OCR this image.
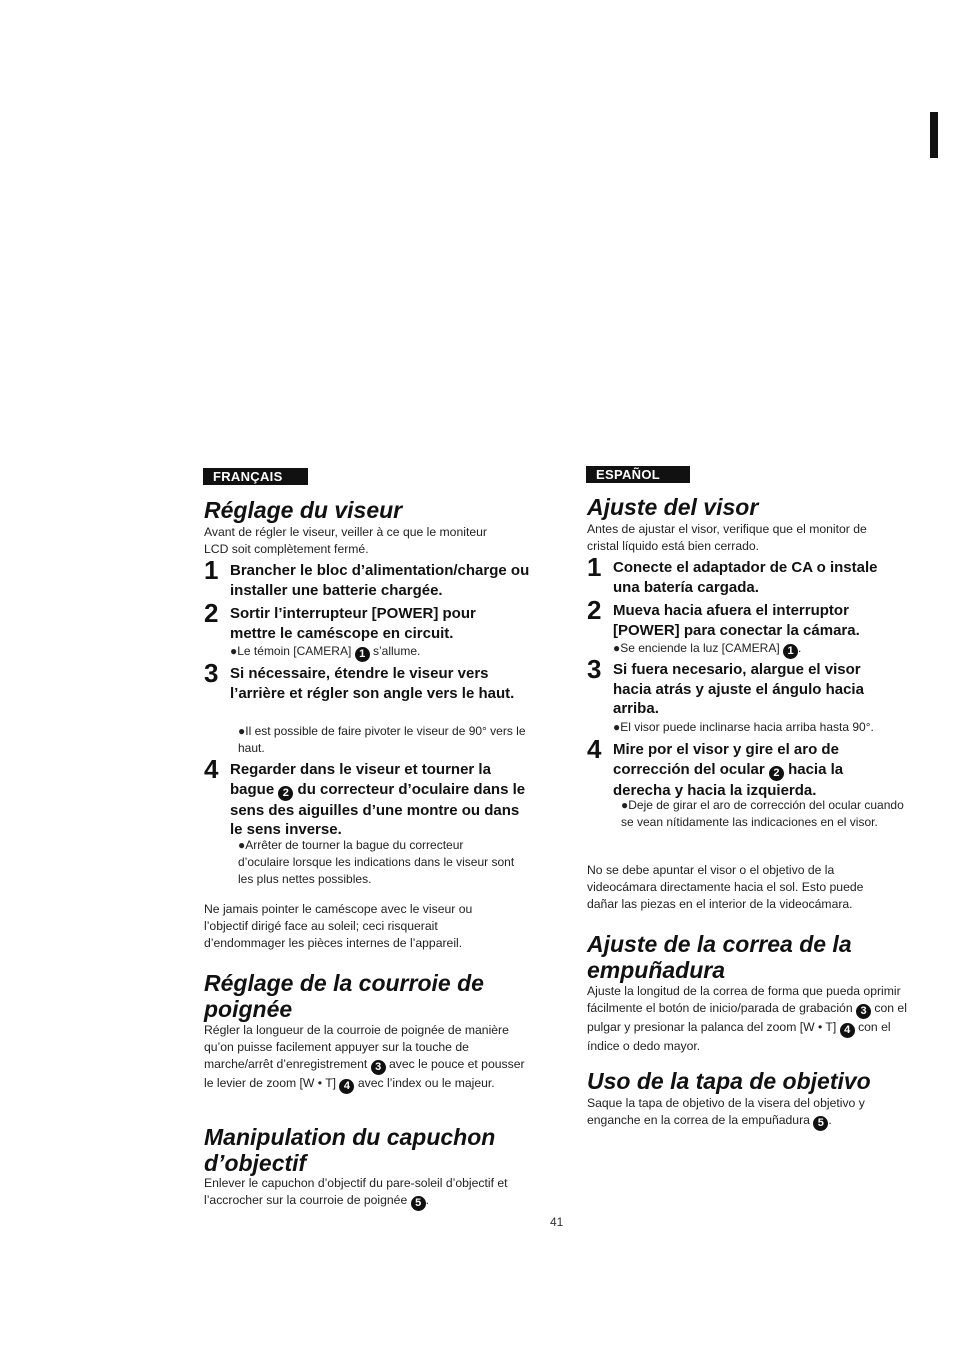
FRANÇAIS
Réglage du viseur

Avant de régler le viseur, veiller à ce que le moniteur LCD soit complètement fermé.

1 Brancher le bloc d’alimentation/charge ou installer une batterie chargée.

2 Sortir l’interrupteur [POWER] pour mettre le caméscope en circuit.

●Le témoin [CAMERA] 1 s’allume.

3 Si nécessaire, étendre le viseur vers l’arrière et régler son angle vers le haut.

●Il est possible de faire pivoter le viseur de 90° vers le haut.

4 Regarder dans le viseur et tourner la bague 2 du correcteur d’oculaire dans le sens des aiguilles d’une montre ou dans le sens inverse.

●Arrêter de tourner la bague du correcteur d’oculaire lorsque les indications dans le viseur sont les plus nettes possibles.

Ne jamais pointer le caméscope avec le viseur ou l’objectif dirigé face au soleil; ceci risquerait d’endommager les pièces internes de l’appareil.

Réglage de la courroie de poignée

Régler la longueur de la courroie de poignée de manière qu’on puisse facilement appuyer sur la touche de marche/arrêt d’enregistrement 3 avec le pouce et pousser le levier de zoom [W • T] 4 avec l’index ou le majeur.

Manipulation du capuchon d’objectif

Enlever le capuchon d’objectif du pare-soleil d’objectif et l’accrocher sur la courroie de poignée 5 .

ESPAÑOL
Ajuste del visor

Antes de ajustar el visor, verifique que el monitor de cristal líquido está bien cerrado.

1 Conecte el adaptador de CA o instale una batería cargada.

2 Mueva hacia afuera el interruptor [POWER] para conectar la cámara.

●Se enciende la luz [CAMERA] 1 .

3 Si fuera necesario, alargue el visor hacia atrás y ajuste el ángulo hacia arriba.

●El visor puede inclinarse hacia arriba hasta 90°.

4 Mire por el visor y gire el aro de corrección del ocular 2 hacia la derecha y hacia la izquierda.

●Deje de girar el aro de corrección del ocular cuando se vean nítidamente las indicaciones en el visor.

No se debe apuntar el visor o el objetivo de la videocámara directamente hacia el sol. Esto puede dañar las piezas en el interior de la videocámara.

Ajuste de la correa de la empuñadura

Ajuste la longitud de la correa de forma que pueda oprimir fácilmente el botón de inicio/parada de grabación 3 con el pulgar y presionar la palanca del zoom [W • T] 4 con el índice o dedo mayor.

Uso de la tapa de objetivo

Saque la tapa de objetivo de la visera del objetivo y enganche en la correa de la empuñadura 5 .

41
